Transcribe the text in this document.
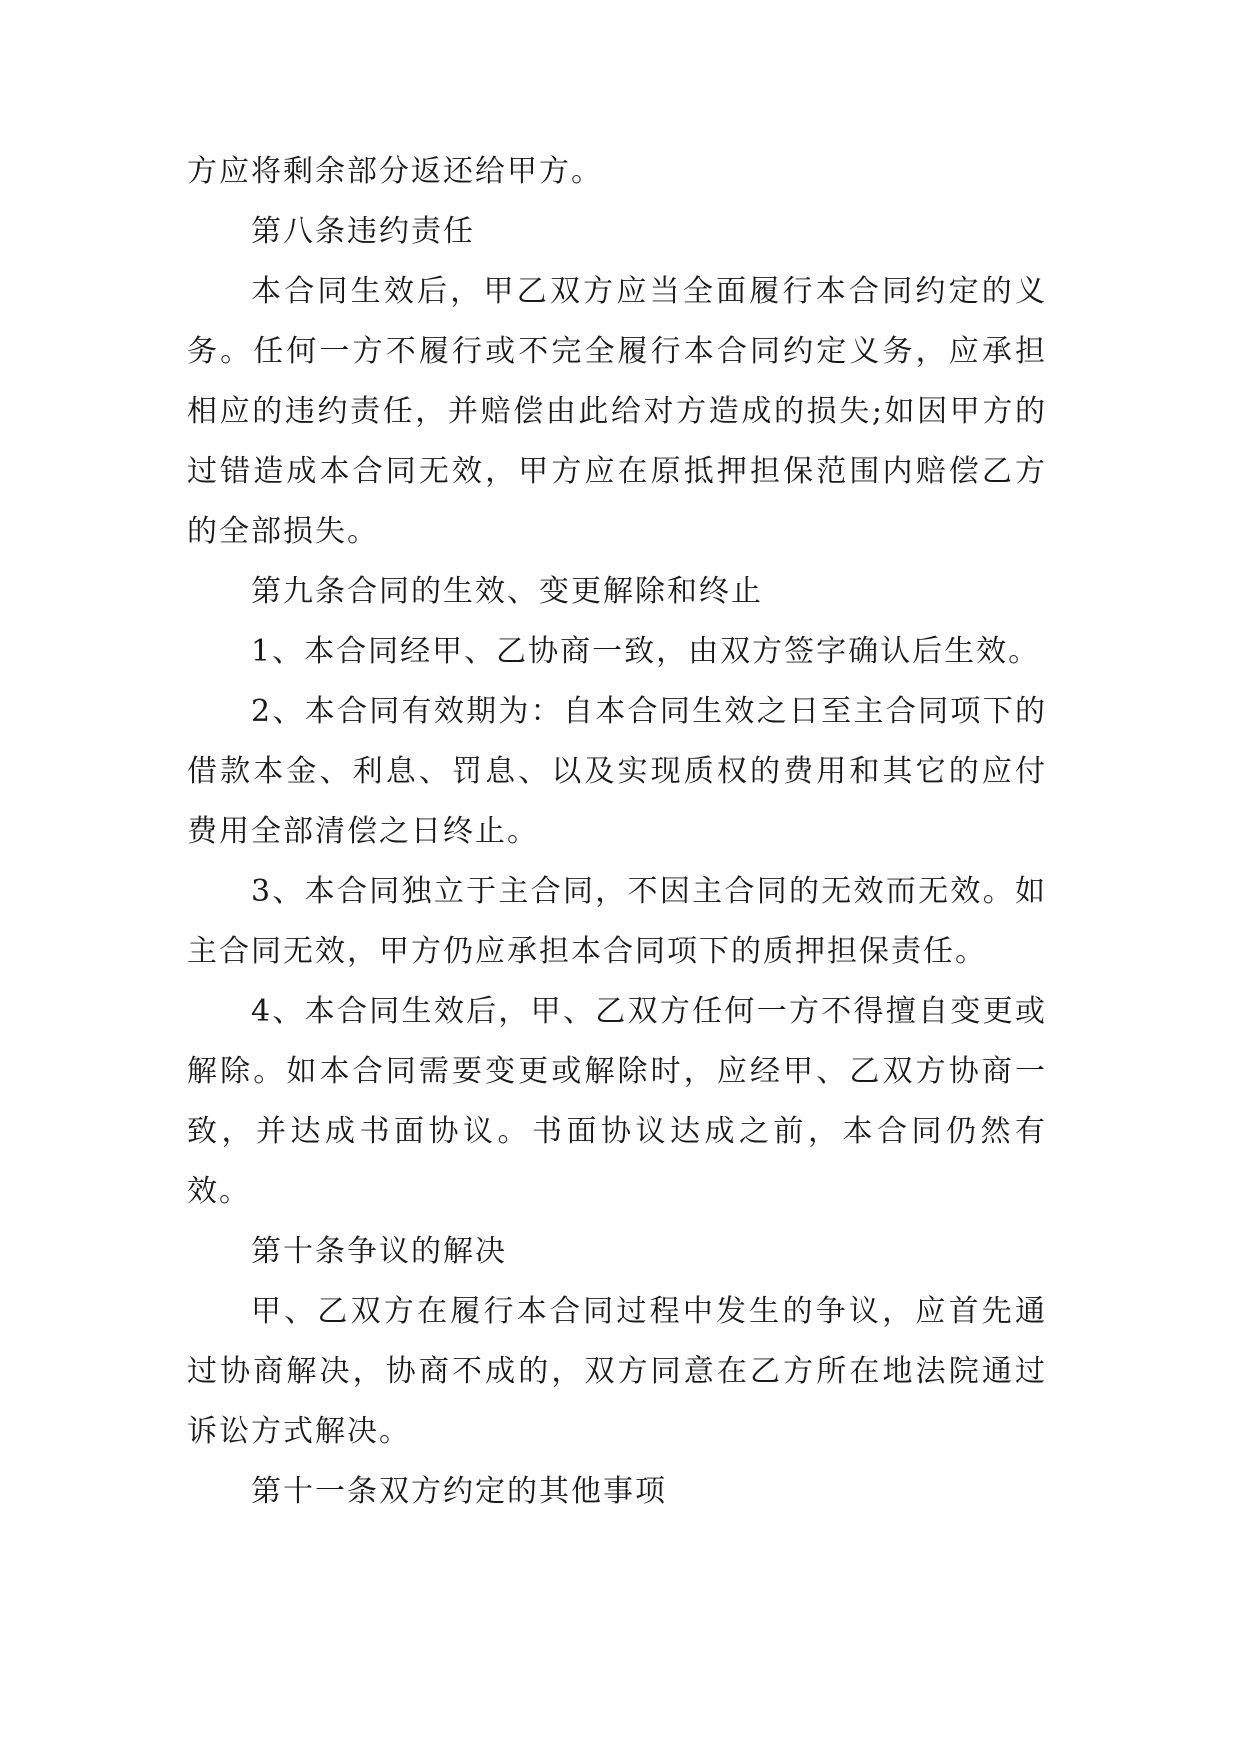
方应将剩余部分返还给甲方。

第八条违约责任

本合同生效后，甲乙双方应当全面履行本合同约定的义务。任何一方不履行或不完全履行本合同约定义务，应承担相应的违约责任，并赔偿由此给对方造成的损失;如因甲方的过错造成本合同无效，甲方应在原抵押担保范围内赔偿乙方的全部损失。

第九条合同的生效、变更解除和终止

1、本合同经甲、乙协商一致，由双方签字确认后生效。

2、本合同有效期为：自本合同生效之日至主合同项下的借款本金、利息、罚息、以及实现质权的费用和其它的应付费用全部清偿之日终止。

3、本合同独立于主合同，不因主合同的无效而无效。如主合同无效，甲方仍应承担本合同项下的质押担保责任。

4、本合同生效后，甲、乙双方任何一方不得擅自变更或解除。如本合同需要变更或解除时，应经甲、乙双方协商一致，并达成书面协议。书面协议达成之前，本合同仍然有效。

第十条争议的解决

甲、乙双方在履行本合同过程中发生的争议，应首先通过协商解决，协商不成的，双方同意在乙方所在地法院通过诉讼方式解决。

第十一条双方约定的其他事项
